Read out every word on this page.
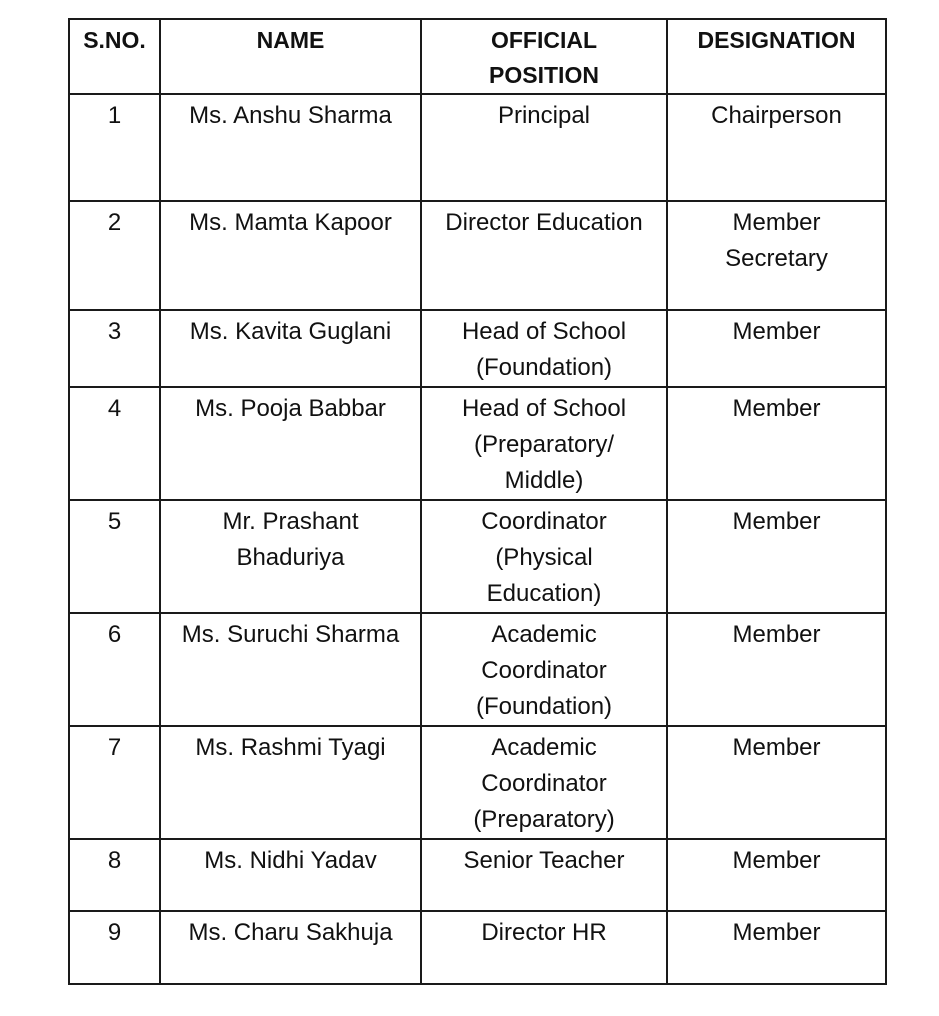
S.NO.	NAME	OFFICIAL
POSITION	DESIGNATION

1	Ms. Anshu Sharma	Principal	Chairperson

2	Ms. Mamta Kapoor	Director Education	Member
Secretary

3	Ms. Kavita Guglani	Head of School
(Foundation)	Member

4	Ms. Pooja Babbar	Head of School
(Preparatory/
Middle)	Member

5	Mr. Prashant
Bhaduriya	Coordinator
(Physical
Education)	Member

6	Ms. Suruchi Sharma	Academic
Coordinator
(Foundation)	Member

7	Ms. Rashmi Tyagi	Academic
Coordinator
(Preparatory)	Member

8	Ms. Nidhi Yadav	Senior Teacher	Member

9	Ms. Charu Sakhuja	Director HR	Member
